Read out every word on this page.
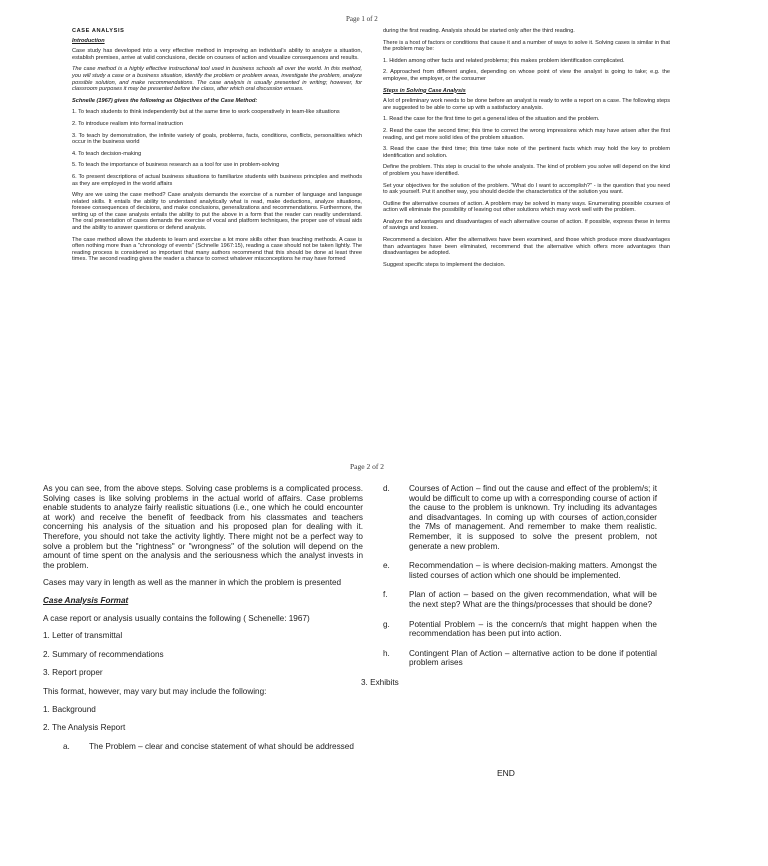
Page 1 of 2

CASE ANALYSIS

Introduction

Case study has developed into a very effective method in improving an individual's ability to analyze a situation, establish premises, arrive at valid conclusions, decide on courses of action and visualize consequences and results.

The case method is a highly effective instructional tool used in business schools all over the world. In this method, you will study a case or a business situation, identify the problem or problem areas, investigate the problem, analyze possible solution, and make recommendations. The case analysis is usually presented in writing; however, for classroom purposes it may be presented before the class, after which oral discussion ensues.

Schnelle (1967) gives the following as Objectives of the Case Method:

1. To teach students to think independently but at the same time to work cooperatively in team-like situations

2. To introduce realism into formal instruction

3. To teach by demonstration, the infinite variety of goals, problems, facts, conditions, conflicts, personalities which occur in the business world

4. To teach decision-making

5. To teach the importance of business research as a tool for use in problem-solving

6. To present descriptions of actual business situations to familiarize students with business principles and methods as they are employed in the world affairs

Why are we using the case method? Case analysis demands the exercise of a number of language and language related skills. It entails the ability to understand analytically what is read, make deductions, analyze situations, foresee consequences of decisions, and make conclusions, generalizations and recommendations. Furthermore, the writing up of the case analysis entails the ability to put the above in a form that the reader can readily understand. The oral presentation of cases demands the exercise of vocal and platform techniques, the proper use of visual aids and the ability to answer questions or defend analysis.

The case method allows the students to learn and exercise a lot more skills other than teaching methods. A case is often nothing more than a "chronology of events" (Schnelle 1967:15), reading a case should not be taken lightly. The reading process is considered so important that many authors recommend that this should be done at least three times. The second reading gives the reader a chance to correct whatever misconceptions he may have formed

during the first reading. Analysis should be started only after the third reading.

There is a host of factors or conditions that cause it and a number of ways to solve it. Solving cases is similar in that the problem may be:

1. Hidden among other facts and related problems; this makes problem identification complicated.

2. Approached from different angles, depending on whose point of view the analyst is going to take; e.g. the employee, the employer, or the consumer

Steps in Solving Case Analysis

A lot of preliminary work needs to be done before an analyst is ready to write a report on a case. The following steps are suggested to be able to come up with a satisfactory analysis.

1. Read the case for the first time to get a general idea of the situation and the problem.

2. Read the case the second time; this time to correct the wrong impressions which may have arisen after the first reading, and get more solid idea of the problem situation.

3. Read the case the third time; this time take note of the pertinent facts which may hold the key to problem identification and solution.

Define the problem. This step is crucial to the whole analysis. The kind of problem you solve will depend on the kind of problem you have identified.

Set your objectives for the solution of the problem. "What do I want to accomplish?" - is the question that you need to ask yourself. Put it another way, you should decide the characteristics of the solution you want.

Outline the alternative courses of action. A problem may be solved in many ways. Enumerating possible courses of action will eliminate the possibility of leaving out other solutions which may work well with the problem.

Analyze the advantages and disadvantages of each alternative course of action. If possible, express these in terms of savings and losses.

Recommend a decision. After the alternatives have been examined, and those which produce more disadvantages than advantages have been eliminated, recommend that the alternative which offers more advantages than disadvantages be adopted.

Suggest specific steps to implement the decision.

Page 2 of 2

As you can see, from the above steps. Solving case problems is a complicated process. Solving cases is like solving problems in the actual world of affairs. Case problems enable students to analyze fairly realistic situations (i.e., one which he could encounter at work) and receive the benefit of feedback from his classmates and teachers concerning his analysis of the situation and his proposed plan for dealing with it. Therefore, you should not take the activity lightly. There might not be a perfect way to solve a problem but the "rightness" or "wrongness" of the solution will depend on the amount of time spent on the analysis and the seriousness which the analyst invests in the problem.

Cases may vary in length as well as the manner in which the problem is presented

Case Analysis Format

A case report or analysis usually contains the following ( Schenelle: 1967)

1. Letter of transmittal

2. Summary of recommendations

3. Report proper

This format, however, may vary but may include the following:

1. Background

2. The Analysis Report

a.	The Problem – clear and concise statement of what should be addressed
d.	Courses of Action – find out the cause and effect of the problem/s; it would be difficult to come up with a corresponding course of action if the cause to the problem is unknown. Try including its advantages and disadvantages. In coming up with courses of action,consider the 7Ms of management. And remember to make them realistic. Remember, it is supposed to solve the present problem, not generate a new problem.
e.	Recommendation – is where decision-making matters. Amongst the listed courses of action which one should be implemented.
f.	Plan of action – based on the given recommendation, what will be the next step? What are the things/processes that should be done?
g.	Potential Problem – is the concern/s that might happen when the recommendation has been put into action.
h.	Contingent Plan of Action – alternative action to be done if potential problem arises

3. Exhibits

END
